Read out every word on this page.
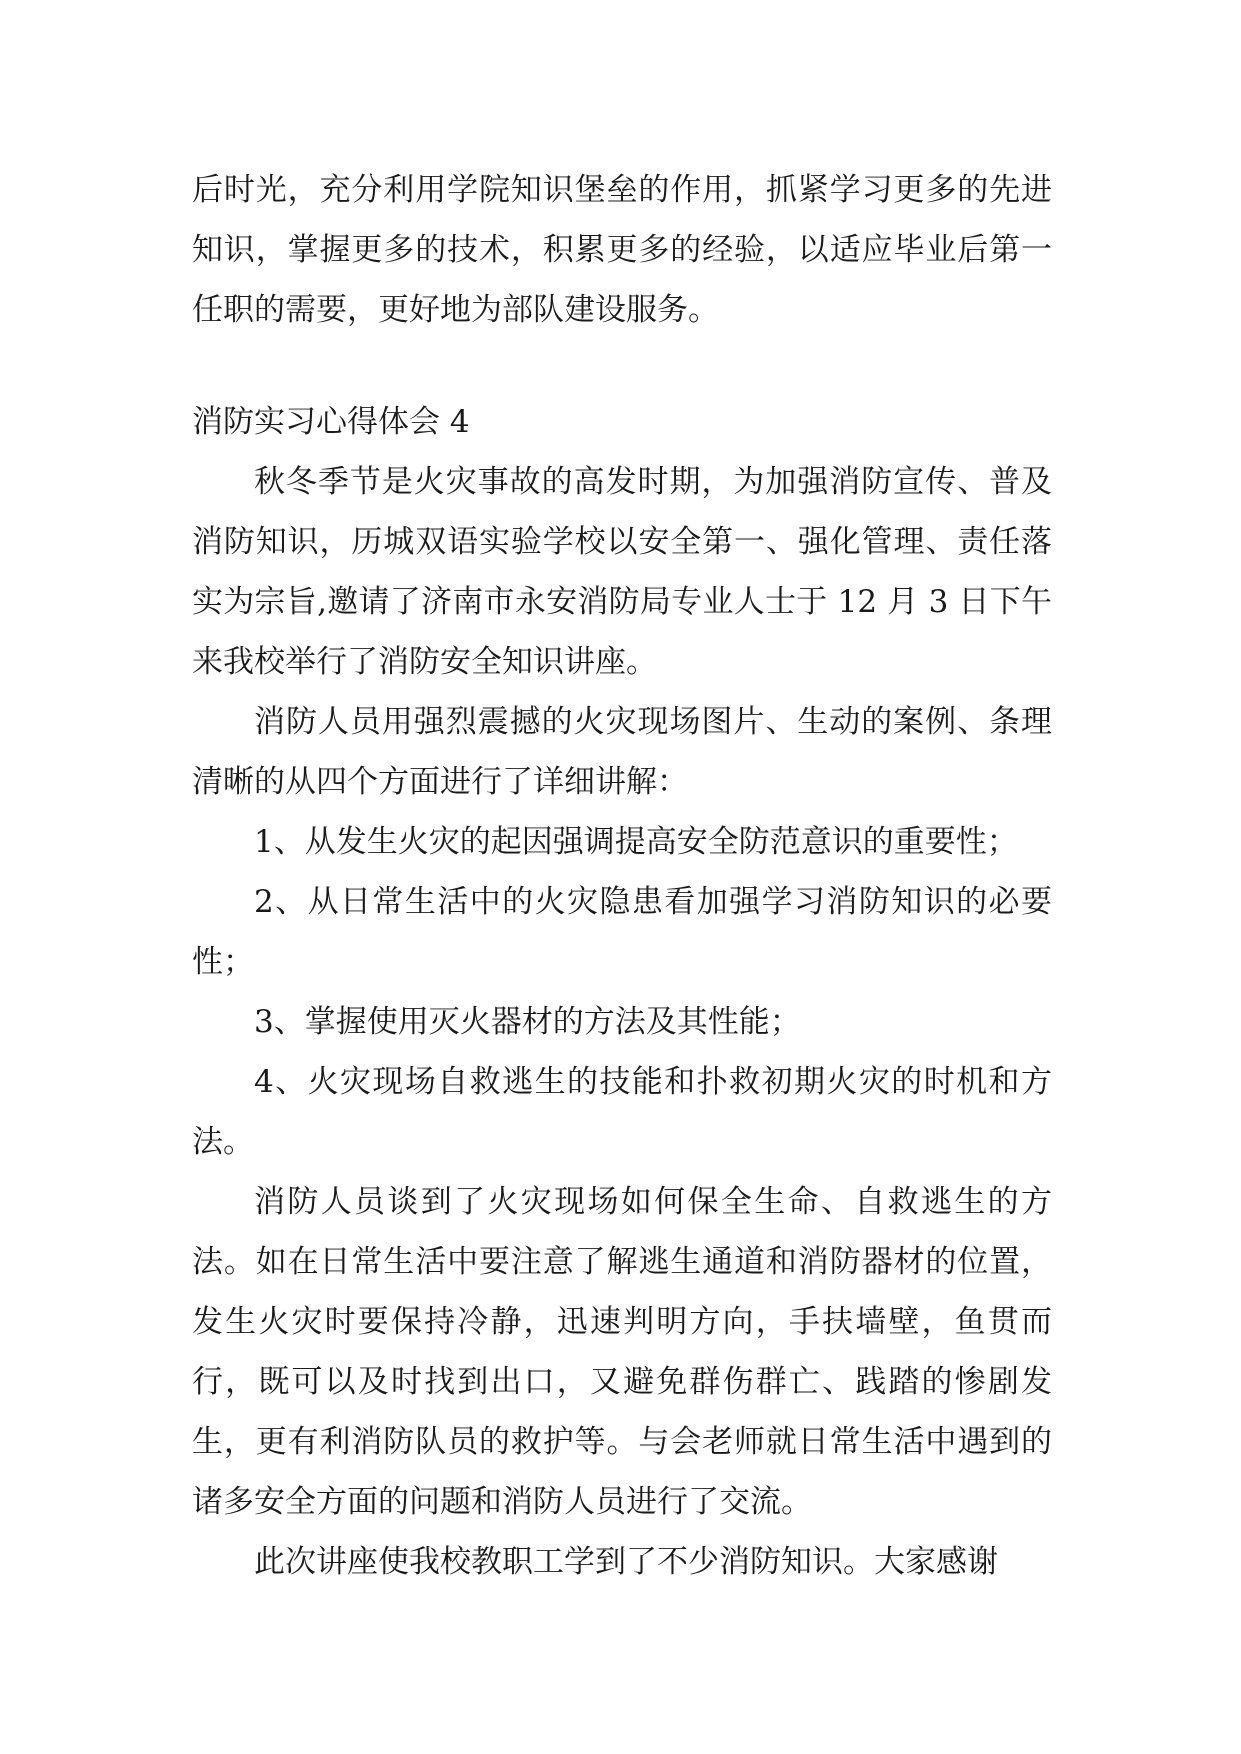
后时光，充分利用学院知识堡垒的作用，抓紧学习更多的先进知识，掌握更多的技术，积累更多的经验，以适应毕业后第一任职的需要，更好地为部队建设服务。

消防实习心得体会 4

秋冬季节是火灾事故的高发时期，为加强消防宣传、普及消防知识，历城双语实验学校以安全第一、强化管理、责任落实为宗旨,邀请了济南市永安消防局专业人士于 12 月 3 日下午来我校举行了消防安全知识讲座。

消防人员用强烈震撼的火灾现场图片、生动的案例、条理清晰的从四个方面进行了详细讲解：

1、从发生火灾的起因强调提高安全防范意识的重要性；

2、从日常生活中的火灾隐患看加强学习消防知识的必要性；

3、掌握使用灭火器材的方法及其性能；

4、火灾现场自救逃生的技能和扑救初期火灾的时机和方法。

消防人员谈到了火灾现场如何保全生命、自救逃生的方法。如在日常生活中要注意了解逃生通道和消防器材的位置，发生火灾时要保持冷静，迅速判明方向，手扶墙壁，鱼贯而行，既可以及时找到出口，又避免群伤群亡、践踏的惨剧发生，更有利消防队员的救护等。与会老师就日常生活中遇到的诸多安全方面的问题和消防人员进行了交流。

此次讲座使我校教职工学到了不少消防知识。大家感谢
